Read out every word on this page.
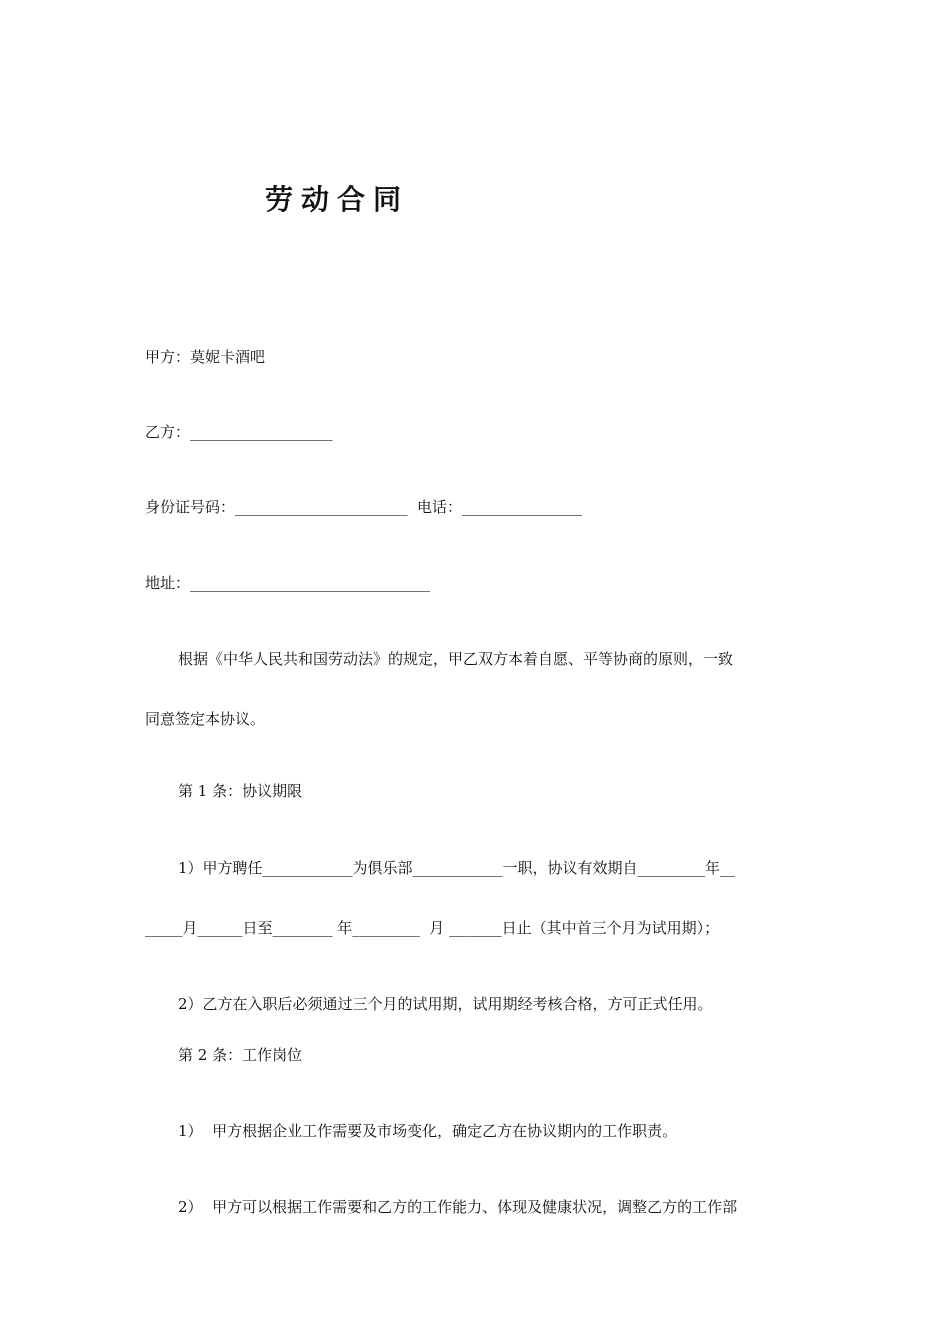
劳动合同
甲方：莫妮卡酒吧
乙方：___________________
身份证号码：_______________________  电话：________________
地址：________________________________
根据《中华人民共和国劳动法》的规定，甲乙双方本着自愿、平等协商的原则，一致
同意签定本协议。
第 1 条：协议期限
1）甲方聘任____________为俱乐部____________一职，协议有效期自_________年__
_____月______日至________ 年_________  月 _______日止（其中首三个月为试用期）；
2）乙方在入职后必须通过三个月的试用期，试用期经考核合格，方可正式任用。
第 2 条：工作岗位
1）  甲方根据企业工作需要及市场变化，确定乙方在协议期内的工作职责。
2）  甲方可以根据工作需要和乙方的工作能力、体现及健康状况，调整乙方的工作部
